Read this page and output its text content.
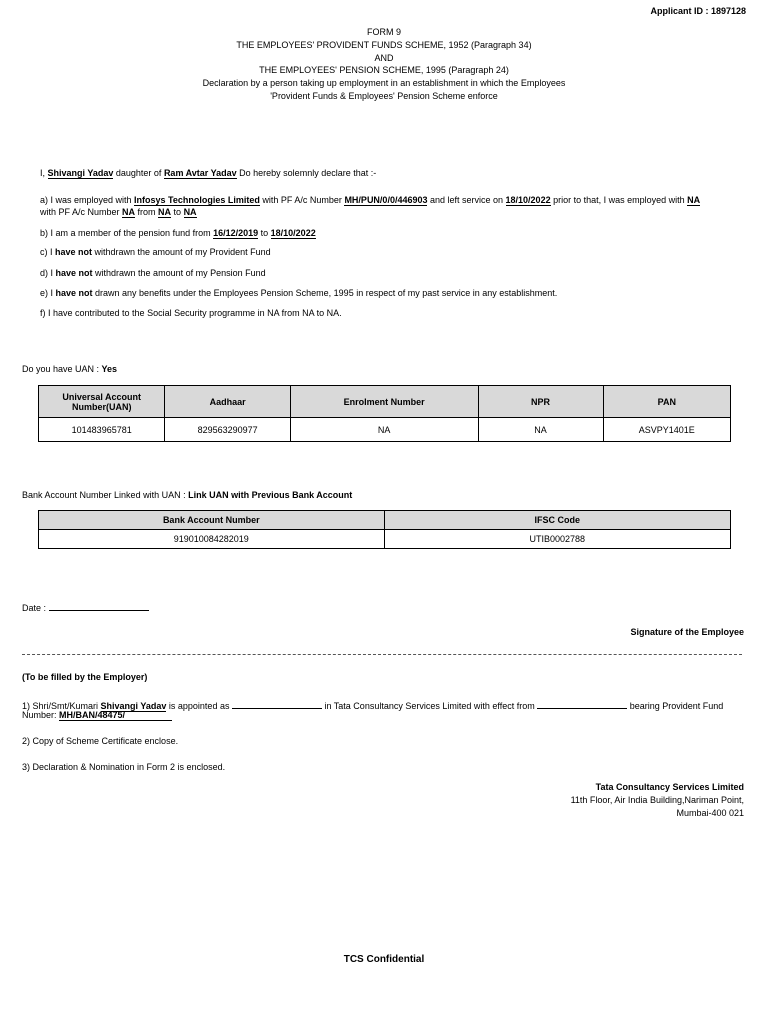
Applicant ID : 1897128
FORM 9
THE EMPLOYEES' PROVIDENT FUNDS SCHEME, 1952 (Paragraph 34)
AND
THE EMPLOYEES' PENSION SCHEME, 1995 (Paragraph 24)
Declaration by a person taking up employment in an establishment in which the Employees
'Provident Funds & Employees' Pension Scheme enforce
I, Shivangi Yadav daughter of Ram Avtar Yadav Do hereby solemnly declare that :-
a) I was employed with Infosys Technologies Limited with PF A/c Number MH/PUN/0/0/446903 and left service on 18/10/2022 prior to that, I was employed with NA
with PF A/c Number NA from NA to NA
b) I am a member of the pension fund from 16/12/2019 to 18/10/2022
c) I have not withdrawn the amount of my Provident Fund
d) I have not withdrawn the amount of my Pension Fund
e) I have not drawn any benefits under the Employees Pension Scheme, 1995 in respect of my past service in any establishment.
f) I have contributed to the Social Security programme in NA from NA to NA.
Do you have UAN : Yes
Universal Account Number(UAN)	Aadhaar	Enrolment Number	NPR	PAN
101483965781	829563290977	NA	NA	ASVPY1401E
Bank Account Number Linked with UAN : Link UAN with Previous Bank Account
Bank Account Number	IFSC Code
919010084282019	UTIB0002788
Date :
Signature of the Employee
(To be filled by the Employer)
1) Shri/Smt/Kumari Shivangi Yadav is appointed as	in Tata Consultancy Services Limited with effect from	bearing Provident Fund
Number: MH/BAN/48475/
2) Copy of Scheme Certificate enclose.
3) Declaration & Nomination in Form 2 is enclosed.
Tata Consultancy Services Limited
11th Floor, Air India Building,Nariman Point,
Mumbai-400 021
TCS Confidential
